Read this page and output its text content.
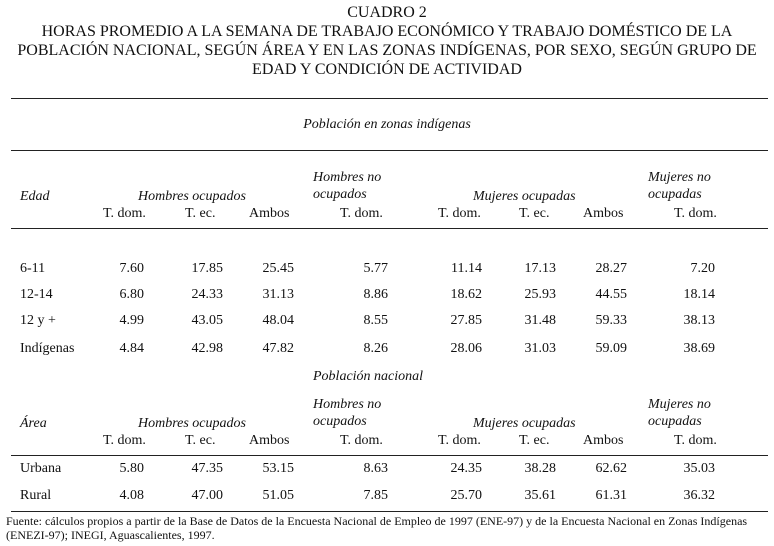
CUADRO 2
HORAS PROMEDIO A LA SEMANA DE TRABAJO ECONÓMICO Y TRABAJO DOMÉSTICO DE LA
POBLACIÓN NACIONAL, SEGÚN ÁREA Y EN LAS ZONAS INDÍGENAS, POR SEXO, SEGÚN GRUPO DE
EDAD Y CONDICIÓN DE ACTIVIDAD
Población en zonas indígenas
Edad	Hombres ocupados
Hombres no
ocupados	Mujeres ocupadas
Mujeres no
ocupadas
T. dom.	T. ec. Ambos	T. dom.	T. dom.	T. ec. Ambos	T. dom.
6-11	7.60	17.85	25.45	5.77	11.14	17.13	28.27	7.20
12-14	6.80	24.33	31.13	8.86	18.62	25.93	44.55	18.14
12 y +	4.99	43.05	48.04	8.55	27.85	31.48	59.33	38.13
Indígenas	4.84	42.98	47.82	8.26	28.06	31.03	59.09	38.69
Población nacional
Área	Hombres ocupados
Hombres no
ocupados	Mujeres ocupadas
Mujeres no
ocupadas
T. dom.	T. ec. Ambos	T. dom.	T. dom.	T. ec. Ambos	T. dom.
Urbana	5.80	47.35	53.15	8.63	24.35	38.28	62.62	35.03
Rural	4.08	47.00	51.05	7.85	25.70	35.61	61.31	36.32
Fuente: cálculos propios a partir de la Base de Datos de la Encuesta Nacional de Empleo de 1997 (ENE-97) y de la Encuesta Nacional en Zonas Indígenas (ENEZI-97); INEGI, Aguascalientes, 1997.
